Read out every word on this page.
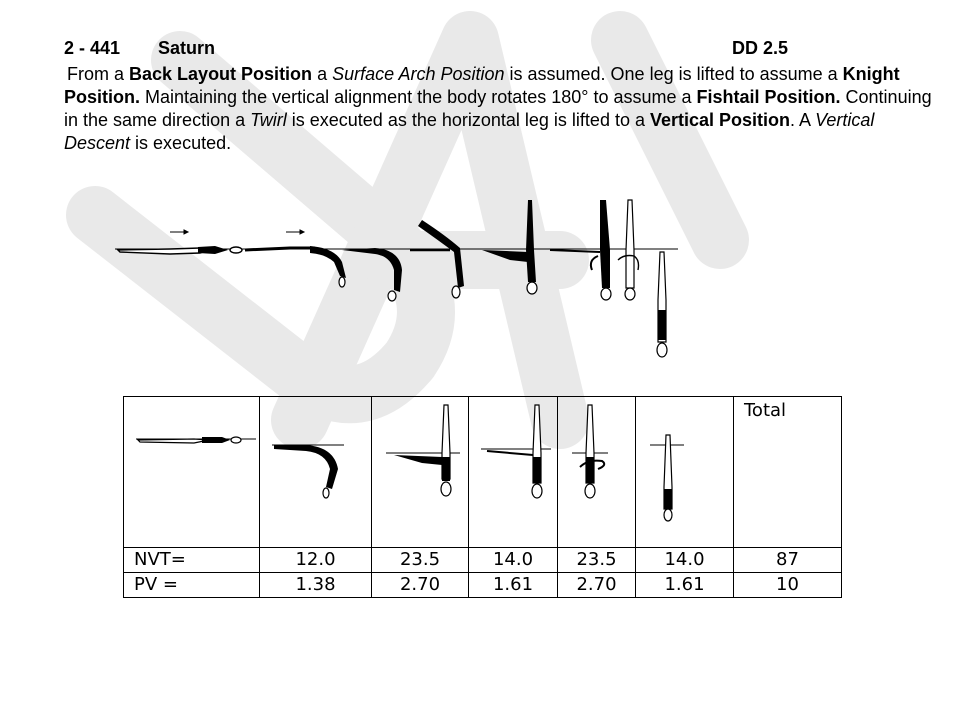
2 - 441 Saturn	DD 2.5
From a Back Layout Position a Surface Arch Position is assumed. One leg is lifted to assume a Knight Position. Maintaining the vertical alignment the body rotates 180° to assume a Fishtail Position. Continuing in the same direction a Twirl is executed as the horizontal leg is lifted to a Vertical Position. A Vertical Descent is executed.

Total

NVT=	12.0	23.5	14.0	23.5	14.0	87
PV =	1.38	2.70	1.61	2.70	1.61	10
